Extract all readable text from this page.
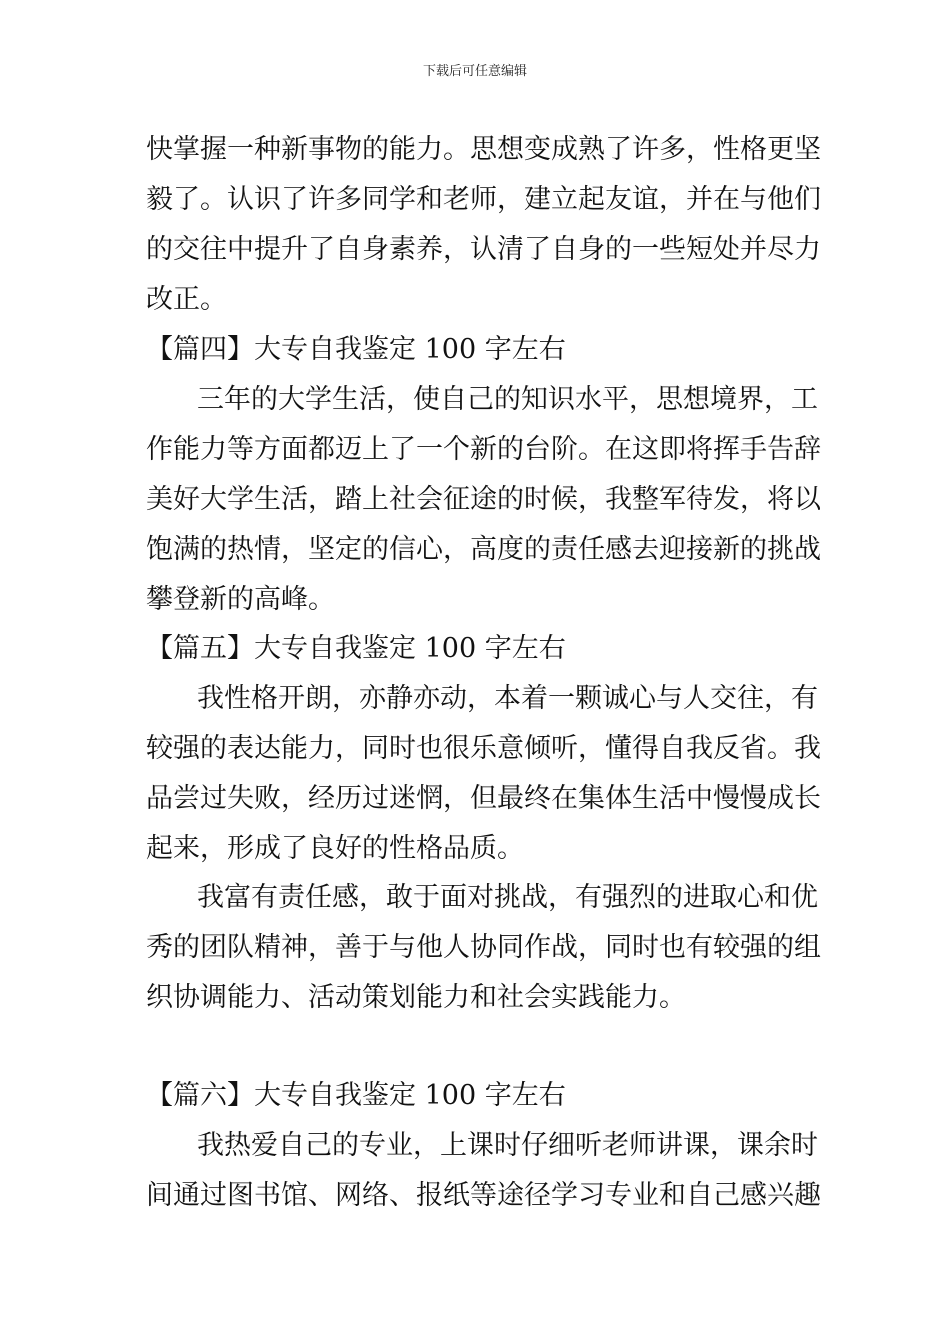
下载后可任意编辑
快掌握一种新事物的能力。思想变成熟了许多，性格更坚
毅了。认识了许多同学和老师，建立起友谊，并在与他们
的交往中提升了自身素养，认清了自身的一些短处并尽力
改正。
【篇四】大专自我鉴定 100 字左右
三年的大学生活，使自己的知识水平，思想境界，工
作能力等方面都迈上了一个新的台阶。在这即将挥手告辞
美好大学生活，踏上社会征途的时候，我整军待发，将以
饱满的热情，坚定的信心，高度的责任感去迎接新的挑战
攀登新的高峰。
【篇五】大专自我鉴定 100 字左右
我性格开朗，亦静亦动，本着一颗诚心与人交往，有
较强的表达能力，同时也很乐意倾听，懂得自我反省。我
品尝过失败，经历过迷惘，但最终在集体生活中慢慢成长
起来，形成了良好的性格品质。
我富有责任感，敢于面对挑战，有强烈的进取心和优
秀的团队精神，善于与他人协同作战，同时也有较强的组
织协调能力、活动策划能力和社会实践能力。
【篇六】大专自我鉴定 100 字左右
我热爱自己的专业，上课时仔细听老师讲课，课余时
间通过图书馆、网络、报纸等途径学习专业和自己感兴趣
